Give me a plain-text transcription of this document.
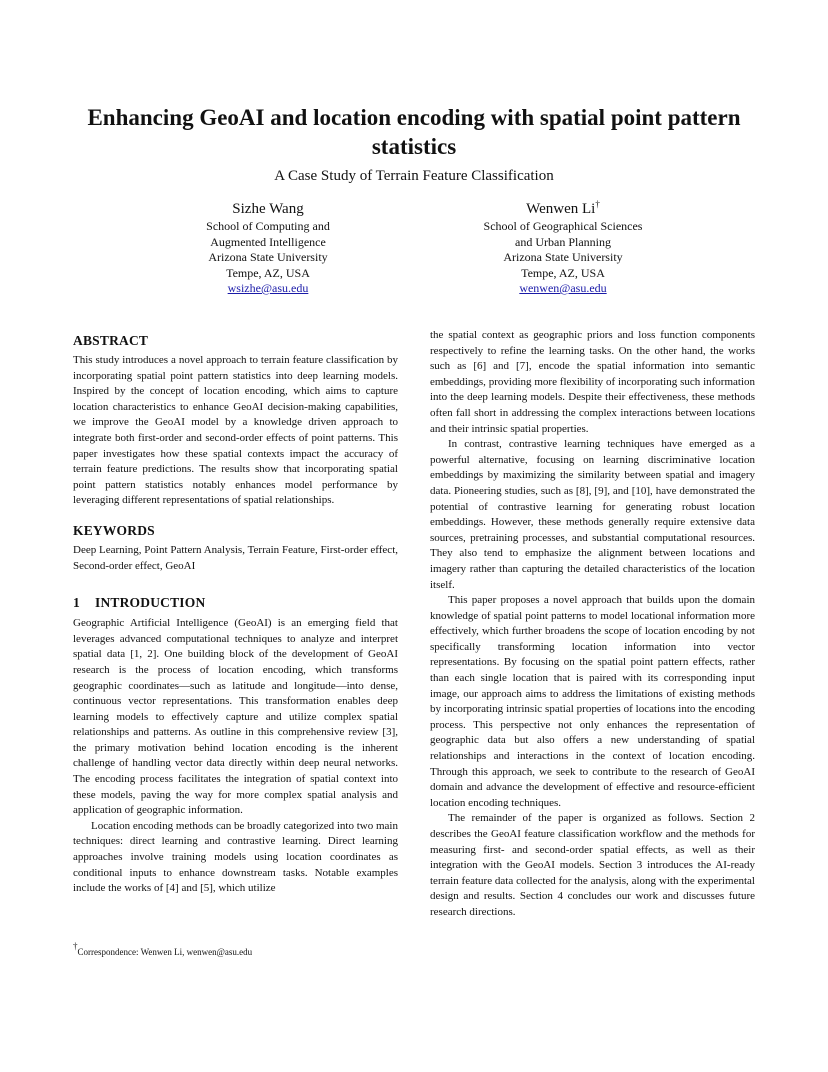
Enhancing GeoAI and location encoding with spatial point pattern statistics
A Case Study of Terrain Feature Classification
Sizhe Wang
School of Computing and
Augmented Intelligence
Arizona State University
Tempe, AZ, USA
wsizhe@asu.edu
Wenwen Li†
School of Geographical Sciences
and Urban Planning
Arizona State University
Tempe, AZ, USA
wenwen@asu.edu
ABSTRACT

This study introduces a novel approach to terrain feature classification by incorporating spatial point pattern statistics into deep learning models. Inspired by the concept of location encoding, which aims to capture location characteristics to enhance GeoAI decision-making capabilities, we improve the GeoAI model by a knowledge driven approach to integrate both first-order and second-order effects of point patterns. This paper investigates how these spatial contexts impact the accuracy of terrain feature predictions. The results show that incorporating spatial point pattern statistics notably enhances model performance by leveraging different representations of spatial relationships.

KEYWORDS

Deep Learning, Point Pattern Analysis, Terrain Feature, First-order effect, Second-order effect, GeoAI

1 INTRODUCTION

Geographic Artificial Intelligence (GeoAI) is an emerging field that leverages advanced computational techniques to analyze and interpret spatial data [1, 2]. One building block of the development of GeoAI research is the process of location encoding, which transforms geographic coordinates—such as latitude and longitude—into dense, continuous vector representations. This transformation enables deep learning models to effectively capture and utilize complex spatial relationships and patterns. As outline in this comprehensive review [3], the primary motivation behind location encoding is the inherent challenge of handling vector data directly within deep neural networks. The encoding process facilitates the integration of spatial context into these models, paving the way for more complex spatial analysis and application of geographic information.

Location encoding methods can be broadly categorized into two main techniques: direct learning and contrastive learning. Direct learning approaches involve training models using location coordinates as conditional inputs to enhance downstream tasks. Notable examples include the works of [4] and [5], which utilize

the spatial context as geographic priors and loss function components respectively to refine the learning tasks. On the other hand, the works such as [6] and [7], encode the spatial information into semantic embeddings, providing more flexibility of incorporating such information into the deep learning models. Despite their effectiveness, these methods often fall short in addressing the complex interactions between locations and their intrinsic spatial properties.

In contrast, contrastive learning techniques have emerged as a powerful alternative, focusing on learning discriminative location embeddings by maximizing the similarity between spatial and imagery data. Pioneering studies, such as [8], [9], and [10], have demonstrated the potential of contrastive learning for generating robust location embeddings. However, these methods generally require extensive data sources, pretraining processes, and substantial computational resources. They also tend to emphasize the alignment between locations and imagery rather than capturing the detailed characteristics of the location itself.

This paper proposes a novel approach that builds upon the domain knowledge of spatial point patterns to model locational information more effectively, which further broadens the scope of location encoding by not specifically transforming location information into vector representations. By focusing on the spatial point pattern effects, rather than each single location that is paired with its corresponding input image, our approach aims to address the limitations of existing methods by incorporating intrinsic spatial properties of locations into the encoding process. This perspective not only enhances the representation of geographic data but also offers a new understanding of spatial relationships and interactions in the context of location encoding. Through this approach, we seek to contribute to the research of GeoAI domain and advance the development of effective and resource-efficient location encoding techniques.

The remainder of the paper is organized as follows. Section 2 describes the GeoAI feature classification workflow and the methods for measuring first- and second-order spatial effects, as well as their integration with the GeoAI models. Section 3 introduces the AI-ready terrain feature data collected for the analysis, along with the experimental design and results. Section 4 concludes our work and discusses future research directions.

†Correspondence: Wenwen Li, wenwen@asu.edu
